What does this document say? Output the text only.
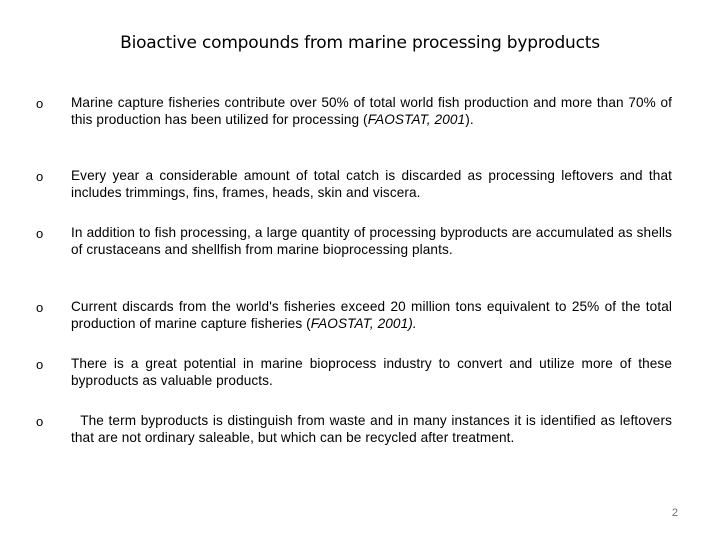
Bioactive compounds from marine processing byproducts
o Marine capture fisheries contribute over 50% of total world fish production and more than 70% of this production has been utilized for processing (FAOSTAT, 2001).
o Every year a considerable amount of total catch is discarded as processing leftovers and that includes trimmings, fins, frames, heads, skin and viscera.
o In addition to fish processing, a large quantity of processing byproducts are accumulated as shells of crustaceans and shellfish from marine bioprocessing plants.
o Current discards from the world's fisheries exceed 20 million tons equivalent to 25% of the total production of marine capture fisheries (FAOSTAT, 2001).
o There is a great potential in marine bioprocess industry to convert and utilize more of these byproducts as valuable products.
o The term byproducts is distinguish from waste and in many instances it is identified as leftovers that are not ordinary saleable, but which can be recycled after treatment.
2
